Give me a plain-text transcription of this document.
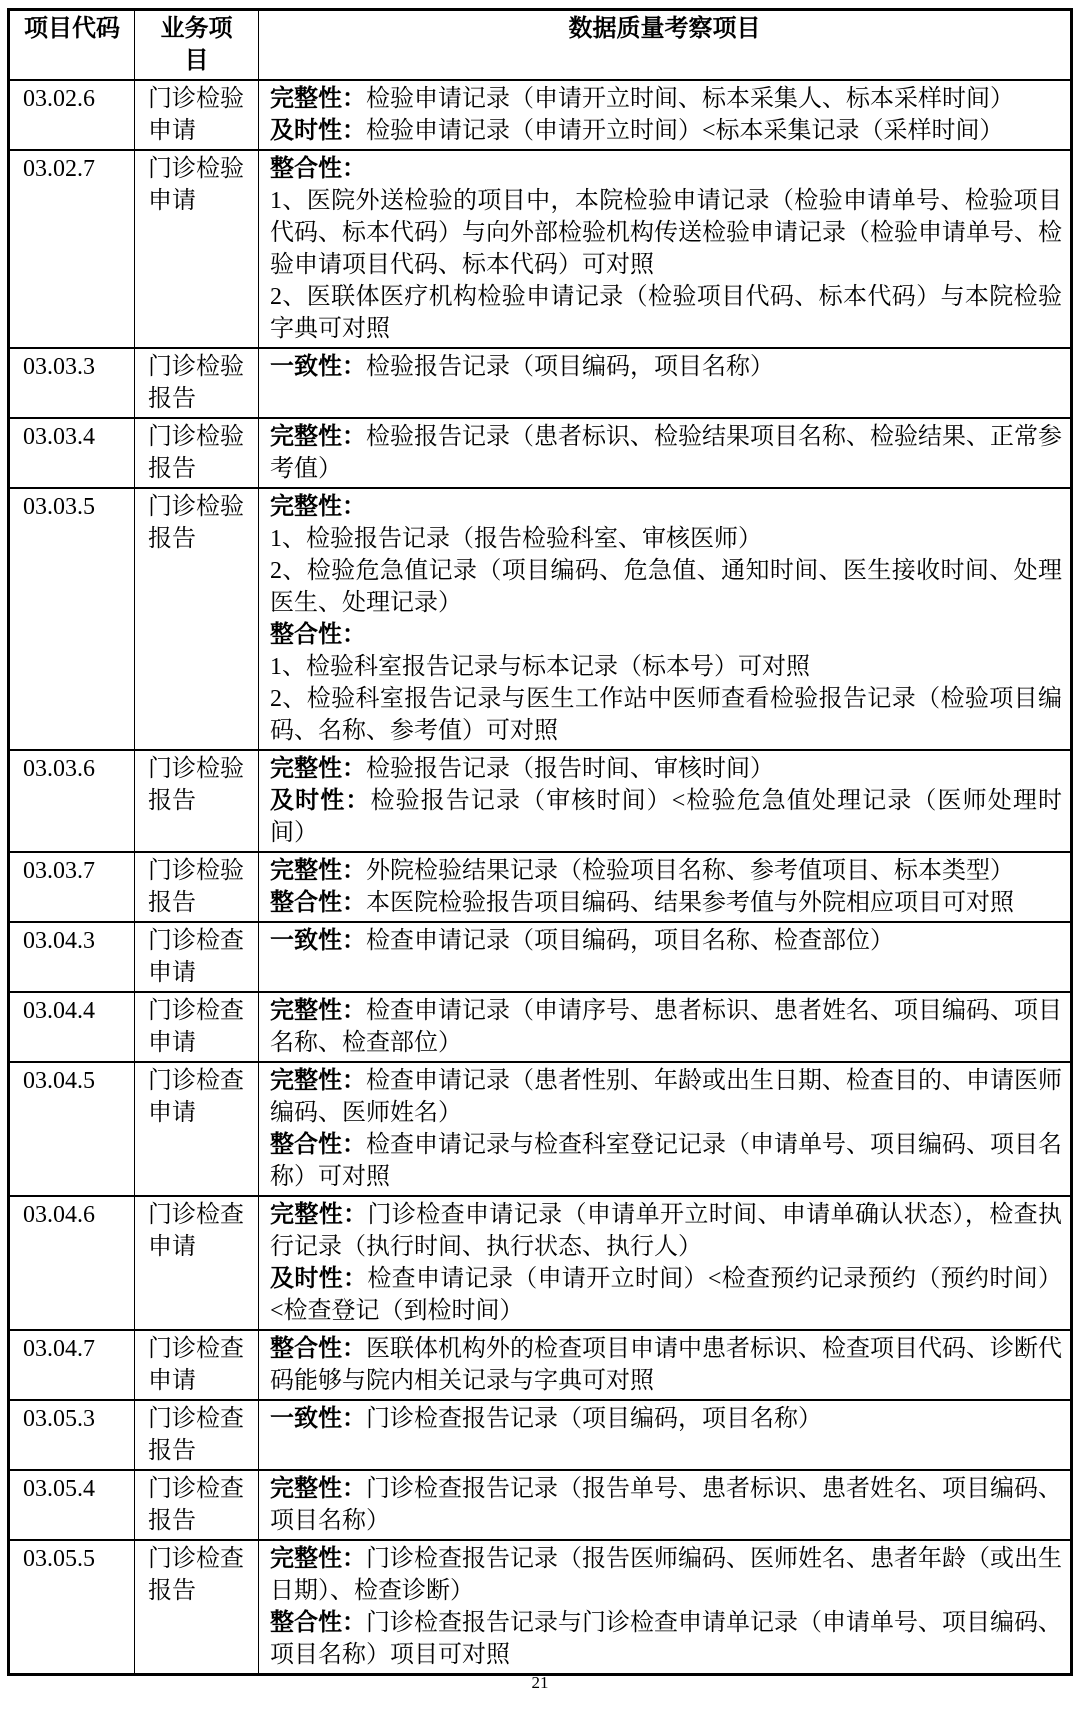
项目代码	业务项目	数据质量考察项目
03.02.6	门诊检验申请	完整性：检验申请记录（申请开立时间、标本采集人、标本采样时间）

及时性：检验申请记录（申请开立时间）<标本采集记录（采样时间）

03.02.7	门诊检验申请	整合性：

1、医院外送检验的项目中，本院检验申请记录（检验申请单号、检验项目代码、标本代码）与向外部检验机构传送检验申请记录（检验申请单号、检验申请项目代码、标本代码）可对照

2、医联体医疗机构检验申请记录（检验项目代码、标本代码）与本院检验字典可对照

03.03.3	门诊检验报告	一致性：检验报告记录（项目编码，项目名称）

03.03.4	门诊检验报告	完整性：检验报告记录（患者标识、检验结果项目名称、检验结果、正常参考值）

03.03.5	门诊检验报告	

完整性：

1、检验报告记录（报告检验科室、审核医师）

2、检验危急值记录（项目编码、危急值、通知时间、医生接收时间、处理医生、处理记录）

整合性：

1、检验科室报告记录与标本记录（标本号）可对照

2、检验科室报告记录与医生工作站中医师查看检验报告记录（检验项目编码、名称、参考值）可对照

03.03.6	门诊检验报告	完整性：检验报告记录（报告时间、审核时间）

及时性：检验报告记录（审核时间）<检验危急值处理记录（医师处理时间）

03.03.7	门诊检验报告	完整性：外院检验结果记录（检验项目名称、参考值项目、标本类型）

整合性：本医院检验报告项目编码、结果参考值与外院相应项目可对照

03.04.3	门诊检查申请	一致性：检查申请记录（项目编码，项目名称、检查部位）

03.04.4	门诊检查申请	完整性：检查申请记录（申请序号、患者标识、患者姓名、项目编码、项目名称、检查部位）

03.04.5	门诊检查申请	完整性：检查申请记录（患者性别、年龄或出生日期、检查目的、申请医师编码、医师姓名）

整合性：检查申请记录与检查科室登记记录（申请单号、项目编码、项目名称）可对照

03.04.6	门诊检查申请	完整性：门诊检查申请记录（申请单开立时间、申请单确认状态），检查执行记录（执行时间、执行状态、执行人）

及时性：检查申请记录（申请开立时间）<检查预约记录预约（预约时间）<检查登记（到检时间）

03.04.7	门诊检查申请	整合性：医联体机构外的检查项目申请中患者标识、检查项目代码、诊断代码能够与院内相关记录与字典可对照

03.05.3	门诊检查报告	一致性：门诊检查报告记录（项目编码，项目名称）

03.05.4	门诊检查报告	完整性：门诊检查报告记录（报告单号、患者标识、患者姓名、项目编码、项目名称）

03.05.5	门诊检查报告	完整性：门诊检查报告记录（报告医师编码、医师姓名、患者年龄（或出生日期）、检查诊断）

整合性：门诊检查报告记录与门诊检查申请单记录（申请单号、项目编码、项目名称）项目可对照

21
